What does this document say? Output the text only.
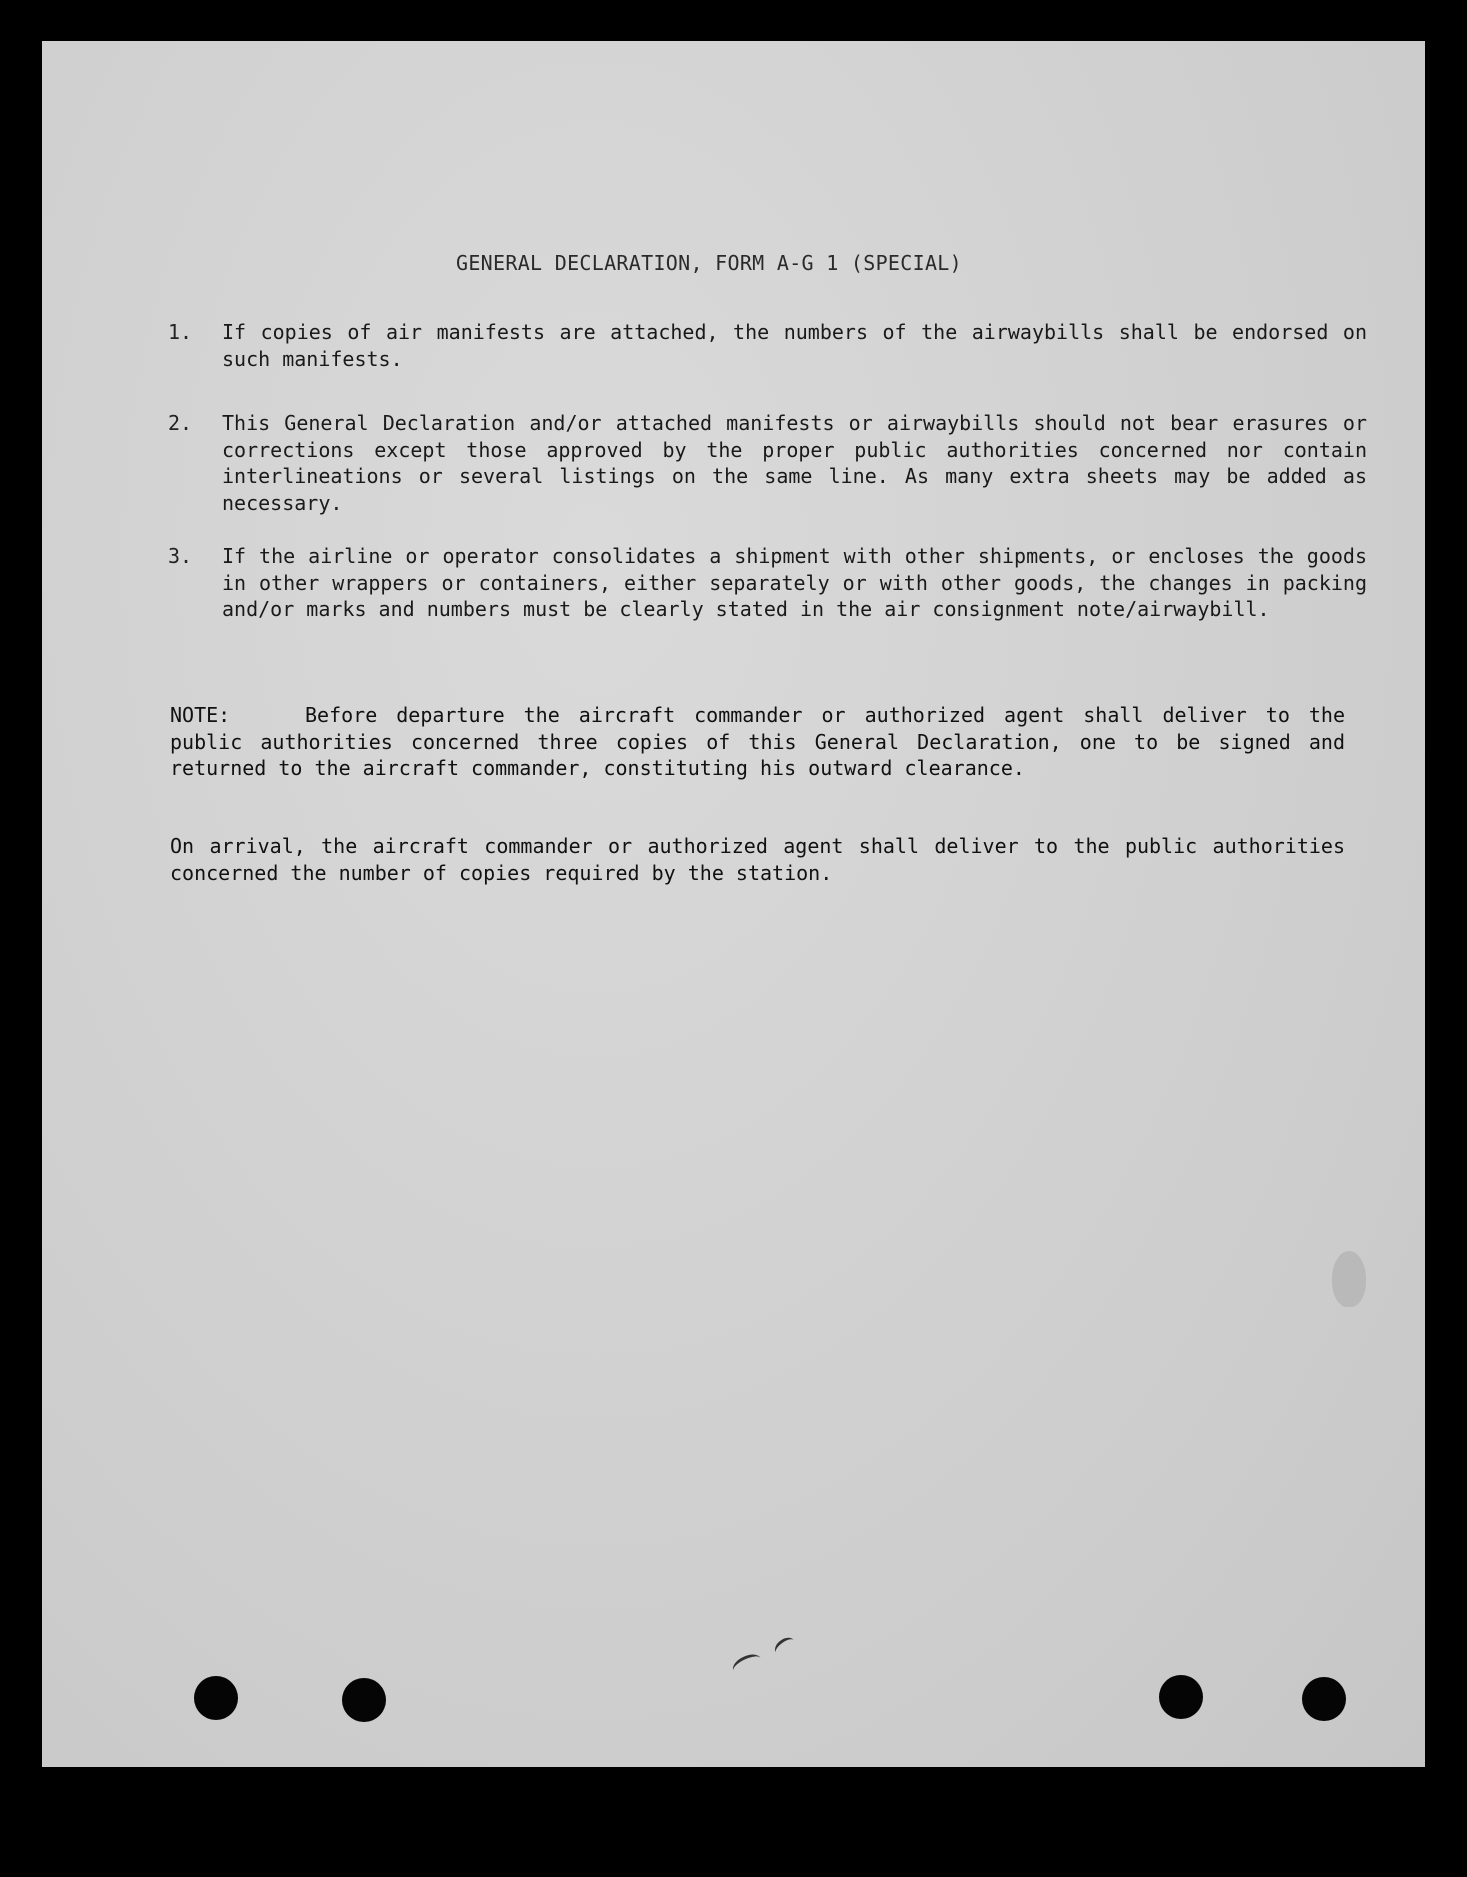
GENERAL DECLARATION, FORM A-G 1 (SPECIAL)
1. If copies of air manifests are attached, the numbers of the airwaybills shall be endorsed on such manifests.

2. This General Declaration and/or attached manifests or airwaybills should not bear erasures or corrections except those approved by the proper public authorities concerned nor contain interlineations or several listings on the same line. As many extra sheets may be added as necessary.

3. If the airline or operator consolidates a shipment with other shipments, or encloses the goods in other wrappers or containers, either separately or with other goods, the changes in packing and/or marks and numbers must be clearly stated in the air consignment note/airwaybill.

NOTE:	Before departure the aircraft commander or authorized agent shall deliver to the public authorities concerned three copies of this General Declaration, one to be signed and returned to the aircraft commander, constituting his outward clearance.

On arrival, the aircraft commander or authorized agent shall deliver to the public authorities concerned the number of copies required by the station.
